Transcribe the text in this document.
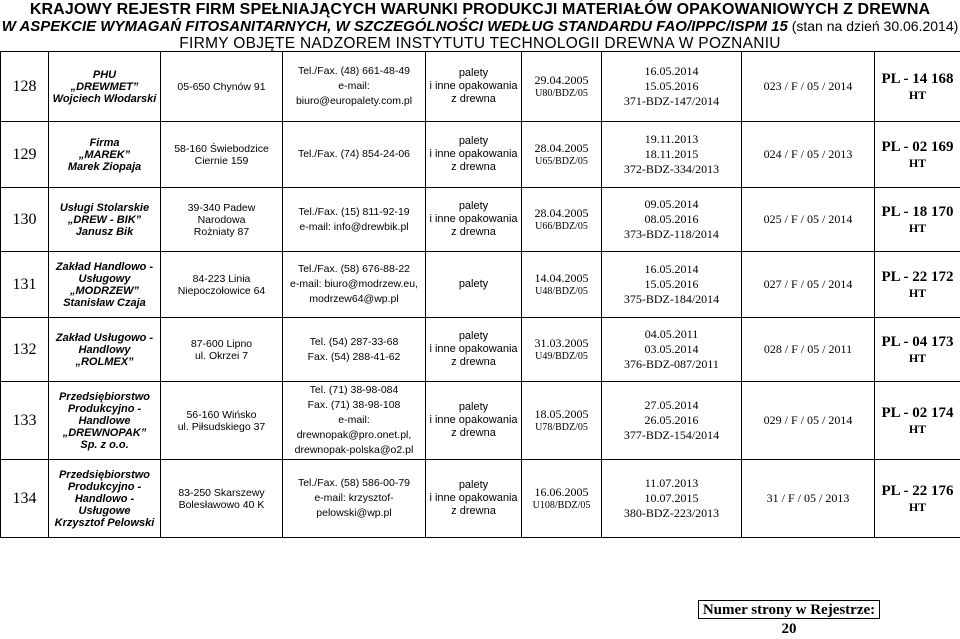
KRAJOWY REJESTR FIRM SPEŁNIAJĄCYCH WARUNKI PRODUKCJI MATERIAŁÓW OPAKOWANIOWYCH Z DREWNA
W ASPEKCIE WYMAGAŃ FITOSANITARNYCH, W SZCZEGÓLNOŚCI WEDŁUG STANDARDU FAO/IPPC/ISPM 15 (stan na dzień 30.06.2014)
FIRMY OBJĘTE NADZOREM INSTYTUTU TECHNOLOGII DREWNA W POZNANIU
128	PHU
„DREWMET”
Wojciech Włodarski	05-650 Chynów 91	Tel./Fax. (48) 661-48-49
e-mail: biuro@europalety.com.pl	palety
i inne opakowania
z drewna	29.04.2005
U80/BDZ/05	16.05.2014
15.05.2016
371-BDZ-147/2014	023 / F / 05 / 2014	PL - 14 168
HT

129	Firma
„MAREK”
Marek Ziopaja	58-160 Świebodzice
Ciernie 159	Tel./Fax. (74) 854-24-06	palety
i inne opakowania
z drewna	28.04.2005
U65/BDZ/05	19.11.2013
18.11.2015
372-BDZ-334/2013	024 / F / 05 / 2013	PL - 02 169
HT

130	Usługi Stolarskie
„DREW - BIK”
Janusz Bik	39-340 Padew Narodowa
Rożniaty 87	Tel./Fax. (15) 811-92-19
e-mail: info@drewbik.pl	palety
i inne opakowania
z drewna	28.04.2005
U66/BDZ/05	09.05.2014
08.05.2016
373-BDZ-118/2014	025 / F / 05 / 2014	PL - 18 170
HT

131	Zakład Handlowo -
Usługowy
„MODRZEW”
Stanisław Czaja	84-223 Linia
Niepoczołowice 64	Tel./Fax. (58) 676-88-22
e-mail: biuro@modrzew.eu,
modrzew64@wp.pl	palety	14.04.2005
U48/BDZ/05	16.05.2014
15.05.2016
375-BDZ-184/2014	027 / F / 05 / 2014	PL - 22 172
HT

132	Zakład Usługowo -
Handlowy
„ROLMEX”	87-600 Lipno
ul. Okrzei 7	Tel. (54) 287-33-68
Fax. (54) 288-41-62	palety
i inne opakowania
z drewna	31.03.2005
U49/BDZ/05	04.05.2011
03.05.2014
376-BDZ-087/2011	028 / F / 05 / 2011	PL - 04 173
HT

133	Przedsiębiorstwo
Produkcyjno -
Handlowe
„DREWNOPAK”
Sp. z o.o.	56-160 Wińsko
ul. Piłsudskiego 37	Tel. (71) 38-98-084
Fax. (71) 38-98-108
e-mail: drewnopak@pro.onet.pl,
drewnopak-polska@o2.pl	palety
i inne opakowania
z drewna	18.05.2005
U78/BDZ/05	27.05.2014
26.05.2016
377-BDZ-154/2014	029 / F / 05 / 2014	PL - 02 174
HT

134	Przedsiębiorstwo
Produkcyjno -
Handlowo - Usługowe
Krzysztof Pelowski	83-250 Skarszewy
Bolesławowo 40 K	Tel./Fax. (58) 586-00-79
e-mail: krzysztof-pelowski@wp.pl	palety
i inne opakowania
z drewna	16.06.2005
U108/BDZ/05	11.07.2013
10.07.2015
380-BDZ-223/2013	31 / F / 05 / 2013	PL - 22 176
HT
Numer strony w Rejestrze: 20
